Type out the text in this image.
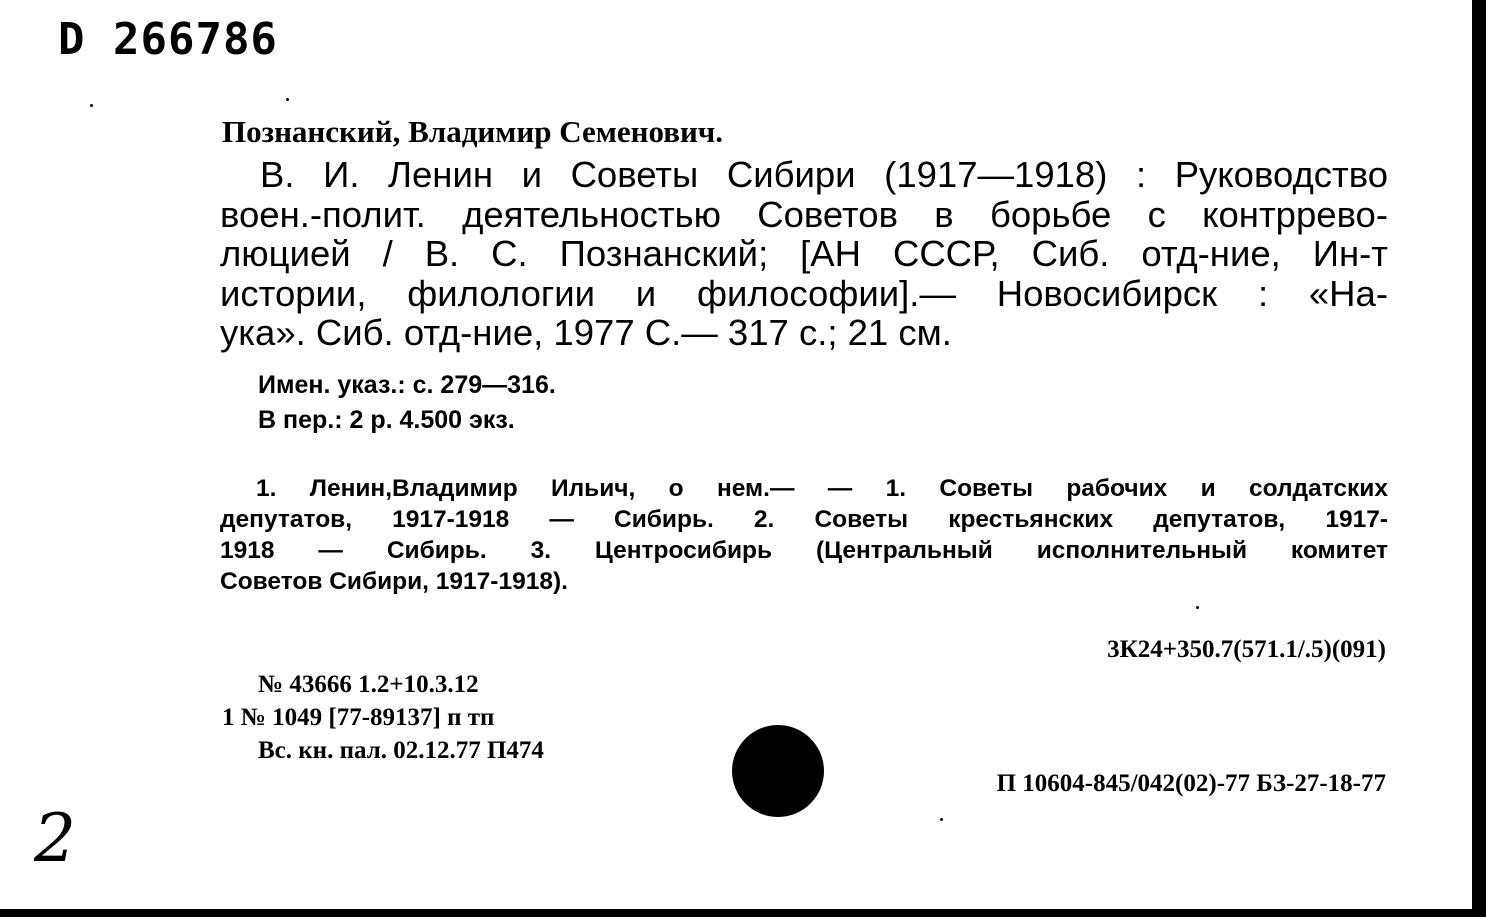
D 266786
Познанский, Владимир Семенович.
В. И. Ленин и Советы Сибири (1917—1918) : Руководство
воен.-полит. деятельностью Советов в борьбе с контррево-
люцией / В. С. Познанский; [АН СССР, Сиб. отд-ние, Ин-т
истории, филологии и философии].— Новосибирск : «На-
ука». Сиб. отд-ние, 1977 С.— 317 с.; 21 см.
Имен. указ.: с. 279—316.
В пер.: 2 р. 4.500 экз.
1. Ленин,Владимир Ильич, о нем.— — 1. Советы рабочих и солдатских
депутатов, 1917-1918 — Сибирь. 2. Советы крестьянских депутатов, 1917-
1918 — Сибирь. 3. Центросибирь (Центральный исполнительный комитет
Советов Сибири, 1917-1918).
3К24+350.7(571.1/.5)(091)
№ 43666 1.2+10.3.12
1 № 1049 [77-89137] п тп
Вс. кн. пал. 02.12.77 П474
П 10604-845/042(02)-77 БЗ-27-18-77
2
